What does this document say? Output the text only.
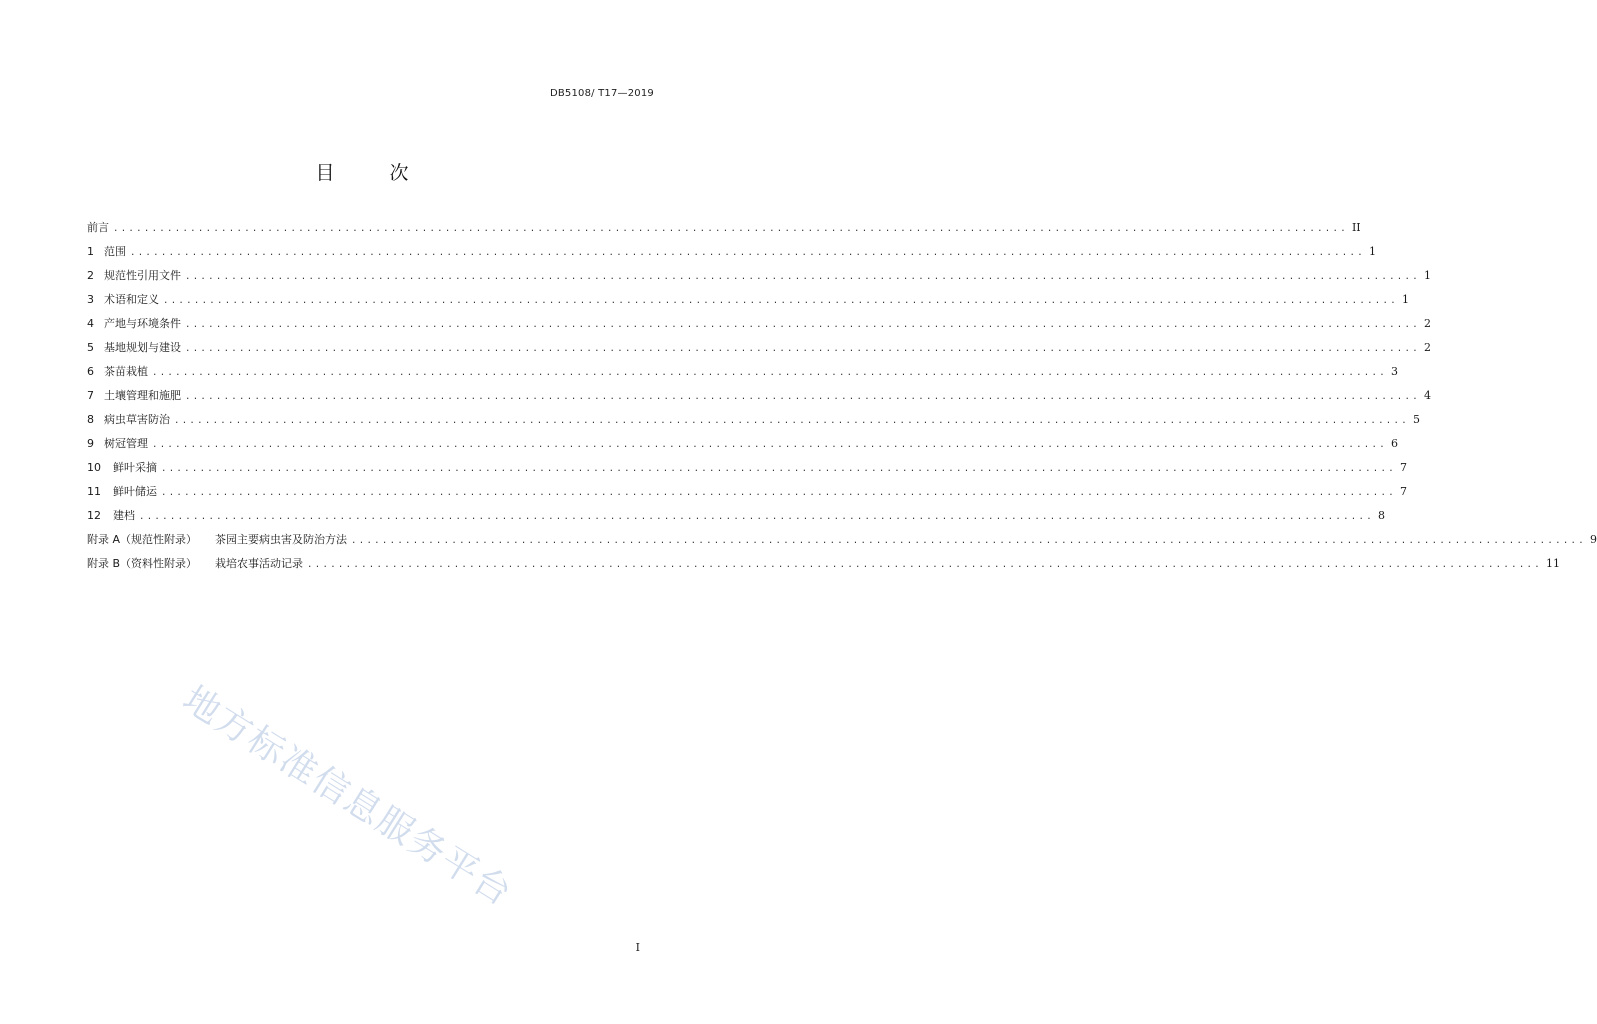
DB5108/ T17—2019
目　次
前言 ................................................................................................................................................................ II
1 范围 ................................................................................................................................................................ 1
2 规范性引用文件 ................................................................................................................................................................ 1
3 术语和定义 ................................................................................................................................................................ 1
4 产地与环境条件 ................................................................................................................................................................ 2
5 基地规划与建设 ................................................................................................................................................................ 2
6 茶苗栽植 ................................................................................................................................................................ 3
7 土壤管理和施肥 ................................................................................................................................................................ 4
8 病虫草害防治 ................................................................................................................................................................ 5
9 树冠管理 ................................................................................................................................................................ 6
10 鲜叶采摘 ................................................................................................................................................................ 7
11 鲜叶储运 ................................................................................................................................................................ 7
12 建档 ................................................................................................................................................................ 8
附录 A（规范性附录） 茶园主要病虫害及防治方法 ................................................................................................................................................................ 9
附录 B（资料性附录） 栽培农事活动记录 ................................................................................................................................................................ 11
地方标准信息服务平台
I
